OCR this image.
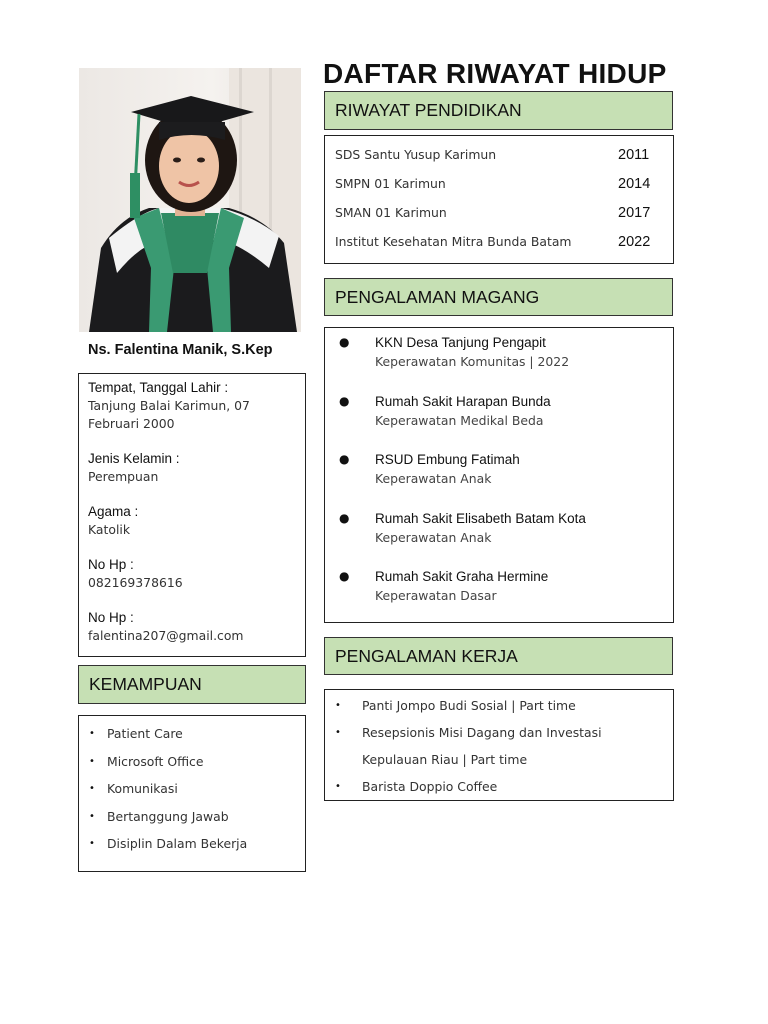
Ns. Falentina Manik, S.Kep
Tempat, Tanggal Lahir :
Tanjung Balai Karimun, 07
Februari 2000
Jenis Kelamin :
Perempuan
Agama :
Katolik
No Hp :
082169378616
No Hp :
falentina207@gmail.com
KEMAMPUAN
• Patient Care
• Microsoft Office
• Komunikasi
• Bertanggung Jawab
• Disiplin Dalam Bekerja
DAFTAR RIWAYAT HIDUP
RIWAYAT PENDIDIKAN
SDS Santu Yusup Karimun	2011
SMPN 01 Karimun	2014
SMAN 01 Karimun	2017
Institut Kesehatan Mitra Bunda Batam	2022
PENGALAMAN MAGANG
●	KKN Desa Tanjung Pengapit
Keperawatan Komunitas | 2022
●	Rumah Sakit Harapan Bunda
Keperawatan Medikal Beda
●	RSUD Embung Fatimah
Keperawatan Anak
●	Rumah Sakit Elisabeth Batam Kota
Keperawatan Anak
●	Rumah Sakit Graha Hermine
Keperawatan Dasar
PENGALAMAN KERJA
•	Panti Jompo Budi Sosial | Part time
•	Resepsionis Misi Dagang dan Investasi
Kepulauan Riau | Part time
•	Barista Doppio Coffee
